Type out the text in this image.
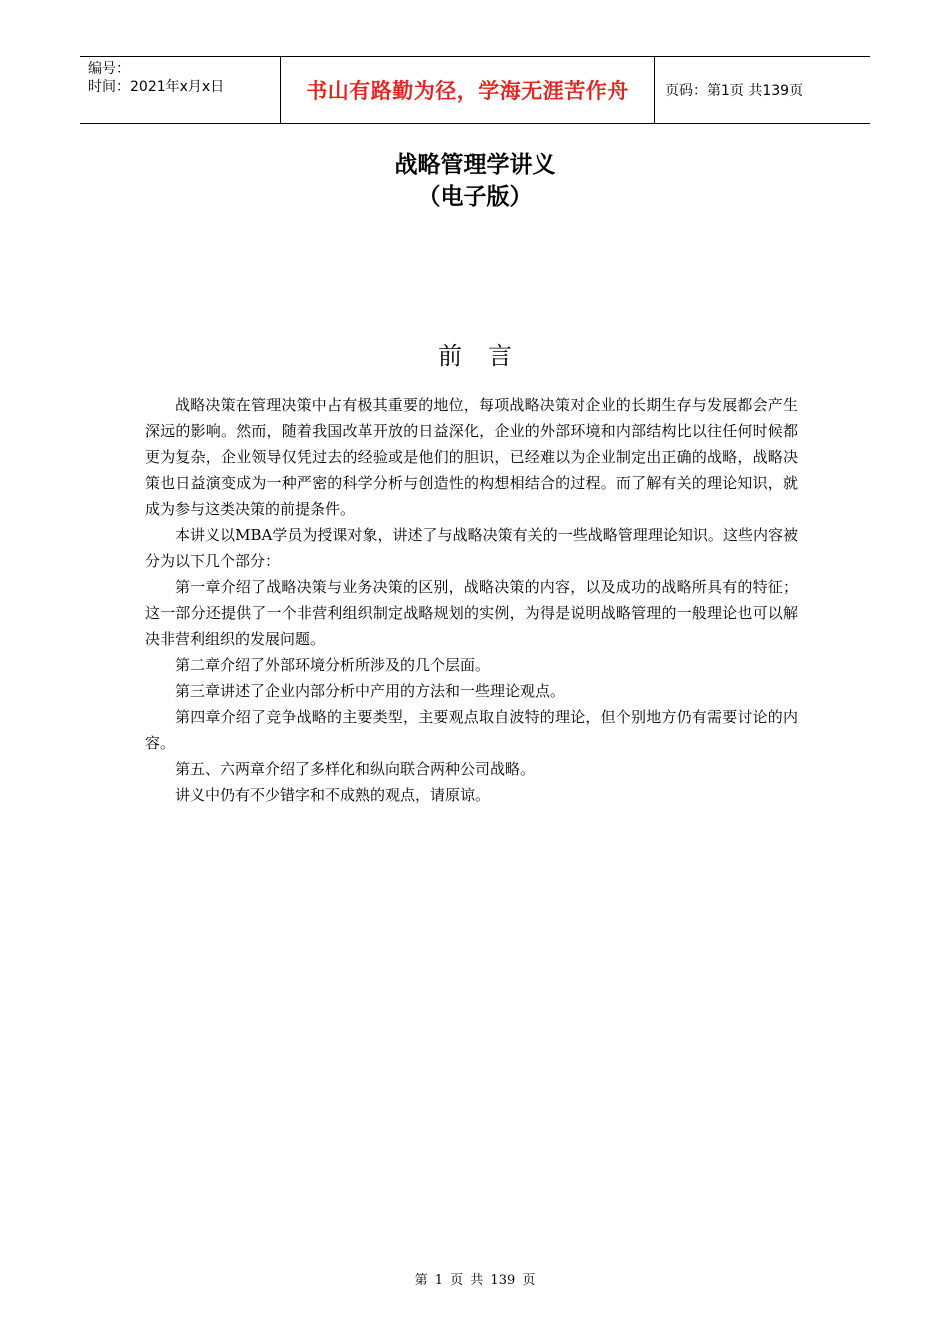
编号：
时间：2021年x月x日	书山有路勤为径，学海无涯苦作舟	页码：第1页 共139页
战略管理学讲义
（电子版）
前言

战略决策在管理决策中占有极其重要的地位，每项战略决策对企业的长期生存与发展都会产生深远的影响。然而，随着我国改革开放的日益深化，企业的外部环境和内部结构比以往任何时候都更为复杂，企业领导仅凭过去的经验或是他们的胆识，已经难以为企业制定出正确的战略，战略决策也日益演变成为一种严密的科学分析与创造性的构想相结合的过程。而了解有关的理论知识，就成为参与这类决策的前提条件。

本讲义以MBA学员为授课对象，讲述了与战略决策有关的一些战略管理理论知识。这些内容被分为以下几个部分：

第一章介绍了战略决策与业务决策的区别，战略决策的内容，以及成功的战略所具有的特征；这一部分还提供了一个非营利组织制定战略规划的实例，为得是说明战略管理的一般理论也可以解决非营利组织的发展问题。

第二章介绍了外部环境分析所涉及的几个层面。

第三章讲述了企业内部分析中产用的方法和一些理论观点。

第四章介绍了竞争战略的主要类型，主要观点取自波特的理论，但个别地方仍有需要讨论的内容。

第五、六两章介绍了多样化和纵向联合两种公司战略。

讲义中仍有不少错字和不成熟的观点，请原谅。

第 1 页 共 139 页
